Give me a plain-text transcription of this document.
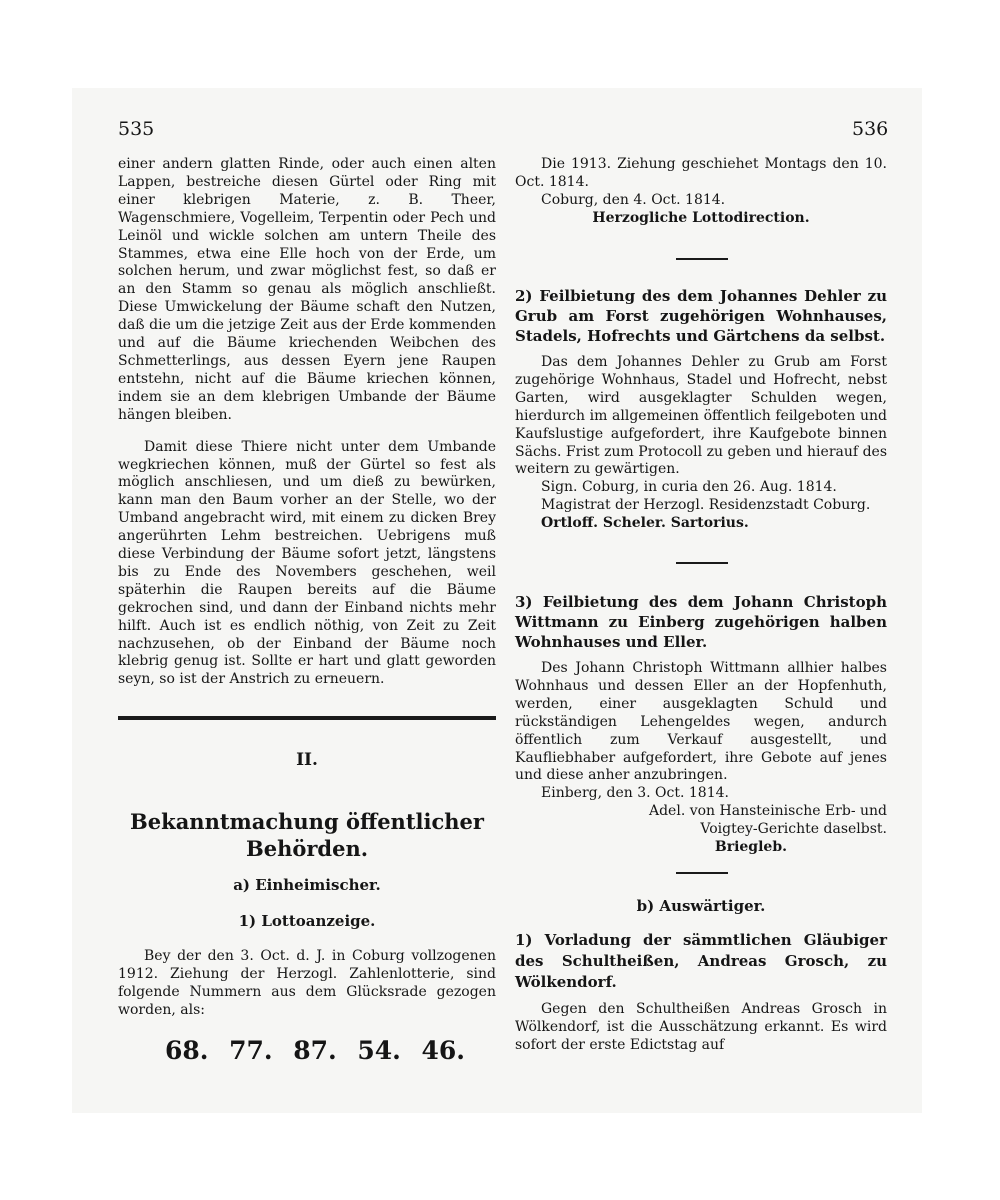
535	536

einer andern glatten Rinde, oder auch einen alten Lappen, bestreiche diesen Gürtel oder Ring mit einer klebrigen Materie, z. B. Theer, Wagenschmiere, Vogelleim, Terpentin oder Pech und Leinöl und wickle solchen am untern Theile des Stammes, etwa eine Elle hoch von der Erde, um solchen herum, und zwar möglichst fest, so daß er an den Stamm so genau als möglich anschließt. Diese Umwickelung der Bäume schaft den Nutzen, daß die um die jetzige Zeit aus der Erde kommenden und auf die Bäume kriechenden Weibchen des Schmetterlings, aus dessen Eyern jene Raupen entstehn, nicht auf die Bäume kriechen können, indem sie an dem klebrigen Umbande der Bäume hängen bleiben.

Damit diese Thiere nicht unter dem Umbande wegkriechen können, muß der Gürtel so fest als möglich anschliesen, und um dieß zu bewürken, kann man den Baum vorher an der Stelle, wo der Umband angebracht wird, mit einem zu dicken Brey angerührten Lehm bestreichen. Uebrigens muß diese Verbindung der Bäume sofort jetzt, längstens bis zu Ende des Novembers geschehen, weil späterhin die Raupen bereits auf die Bäume gekrochen sind, und dann der Einband nichts mehr hilft. Auch ist es endlich nöthig, von Zeit zu Zeit nachzusehen, ob der Einband der Bäume noch klebrig genug ist. Sollte er hart und glatt geworden seyn, so ist der Anstrich zu erneuern.

II.
Bekanntmachung öffentlicher
Behörden.
a) Einheimischer.
1) Lottoanzeige.
Bey der den 3. Oct. d. J. in Coburg vollzogenen 1912. Ziehung der Herzogl. Zahlenlotterie, sind folgende Nummern aus dem Glücksrade gezogen worden, als:
68. 77. 87. 54. 46.

Die 1913. Ziehung geschiehet Montags den 10. Oct. 1814.

Coburg, den 4. Oct. 1814.

Herzogliche Lottodirection.

2) Feilbietung des dem Johannes Dehler zu Grub am Forst zugehörigen Wohnhauses, Stadels, Hofrechts und Gärtchens da selbst.

Das dem Johannes Dehler zu Grub am Forst zugehörige Wohnhaus, Stadel und Hofrecht, nebst Garten, wird ausgeklagter Schulden wegen, hierdurch im allgemeinen öffentlich feilgeboten und Kaufslustige aufgefordert, ihre Kaufgebote binnen Sächs. Frist zum Protocoll zu geben und hierauf des weitern zu gewärtigen.

Sign. Coburg, in curia den 26. Aug. 1814.

Magistrat der Herzogl. Residenzstadt Coburg.

Ortloff. Scheler. Sartorius.

3) Feilbietung des dem Johann Christoph Wittmann zu Einberg zugehörigen halben Wohnhauses und Eller.

Des Johann Christoph Wittmann allhier halbes Wohnhaus und dessen Eller an der Hopfenhuth, werden, einer ausgeklagten Schuld und rückständigen Lehengeldes wegen, andurch öffentlich zum Verkauf ausgestellt, und Kaufliebhaber aufgefordert, ihre Gebote auf jenes und diese anher anzubringen.

Einberg, den 3. Oct. 1814.

Adel. von Hansteinische Erb- und

Voigtey-Gerichte daselbst.

Briegleb.

b) Auswärtiger.

1) Vorladung der sämmtlichen Gläubiger des Schultheißen, Andreas Grosch, zu Wölkendorf.

Gegen den Schultheißen Andreas Grosch in Wölkendorf, ist die Ausschätzung erkannt. Es wird sofort der erste Edictstag auf
